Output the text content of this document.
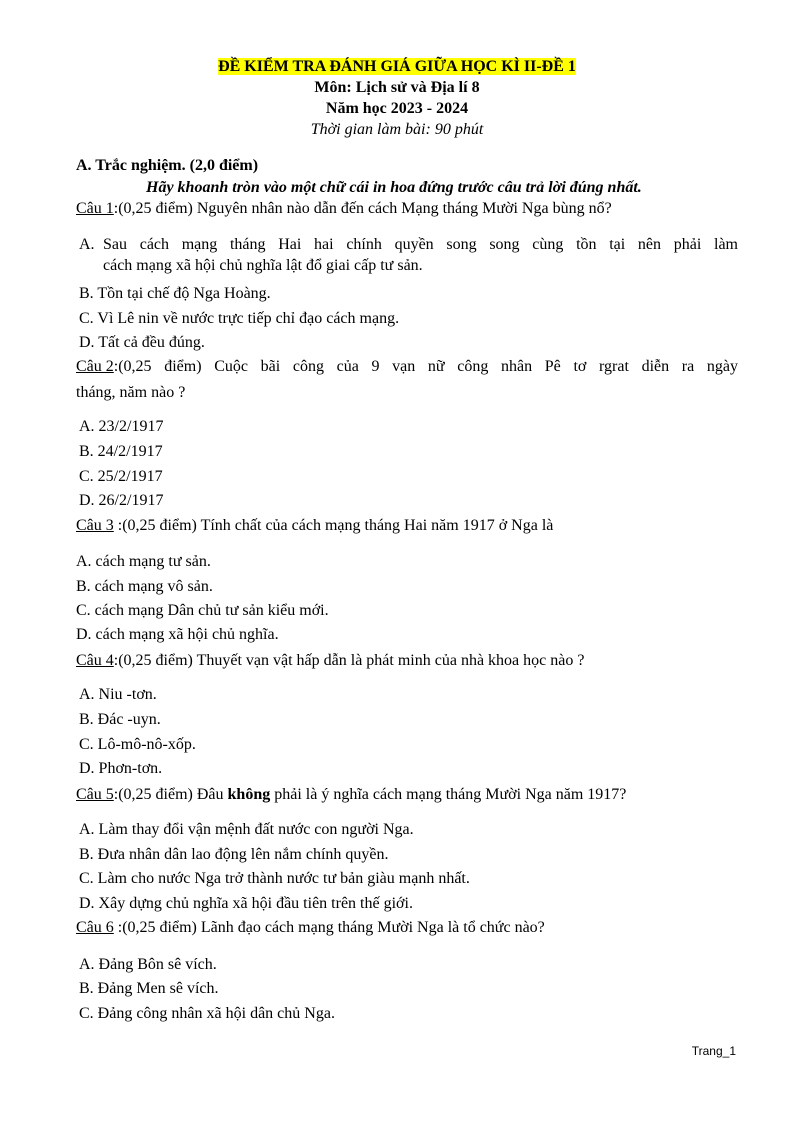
ĐỀ KIỂM TRA ĐÁNH GIÁ GIỮA HỌC KÌ II-ĐỀ 1
Môn: Lịch sử và Địa lí 8
Năm học 2023 - 2024
Thời gian làm bài: 90 phút
A. Trắc nghiệm. (2,0 điểm)
Hãy khoanh tròn vào một chữ cái in hoa đứng trước câu trả lời đúng nhất.
Câu 1:(0,25 điểm) Nguyên nhân nào dẫn đến cách Mạng tháng Mười Nga bùng nổ?
A. Sau cách mạng tháng Hai hai chính quyền song song cùng tồn tại nên phải làm
cách mạng xã hội chủ nghĩa lật đổ giai cấp tư sản.
B. Tồn tại chế độ Nga Hoàng.
C. Vì Lê nin về nước trực tiếp chỉ đạo cách mạng.
D. Tất cả đều đúng.
Câu 2 :(0,25 điểm) Cuộc bãi công của 9 vạn nữ công nhân Pê tơ rgrat diễn ra ngày
tháng, năm nào ?
A. 23/2/1917
B. 24/2/1917
C. 25/2/1917
D. 26/2/1917
Câu 3 :(0,25 điểm) Tính chất của cách mạng tháng Hai năm 1917 ở Nga là
A. cách mạng tư sản.
B. cách mạng vô sản.
C. cách mạng Dân chủ tư sản kiểu mới.
D. cách mạng xã hội chủ nghĩa.
Câu 4:(0,25 điểm) Thuyết vạn vật hấp dẫn là phát minh của nhà khoa học nào ?
A. Niu -tơn.
B. Đác -uyn.
C. Lô-mô-nô-xốp.
D. Phơn-tơn.
Câu 5:(0,25 điểm) Đâu không phải là ý nghĩa cách mạng tháng Mười Nga năm 1917?
A. Làm thay đổi vận mệnh đất nước con người Nga.
B. Đưa nhân dân lao động lên nắm chính quyền.
C. Làm cho nước Nga trở thành nước tư bản giàu mạnh nhất.
D. Xây dựng chủ nghĩa xã hội đầu tiên trên thế giới.
Câu 6 :(0,25 điểm) Lãnh đạo cách mạng tháng Mười Nga là tổ chức nào?
A. Đảng Bôn sê vích.
B. Đảng Men sê vích.
C. Đảng công nhân xã hội dân chủ Nga.
Trang_1
